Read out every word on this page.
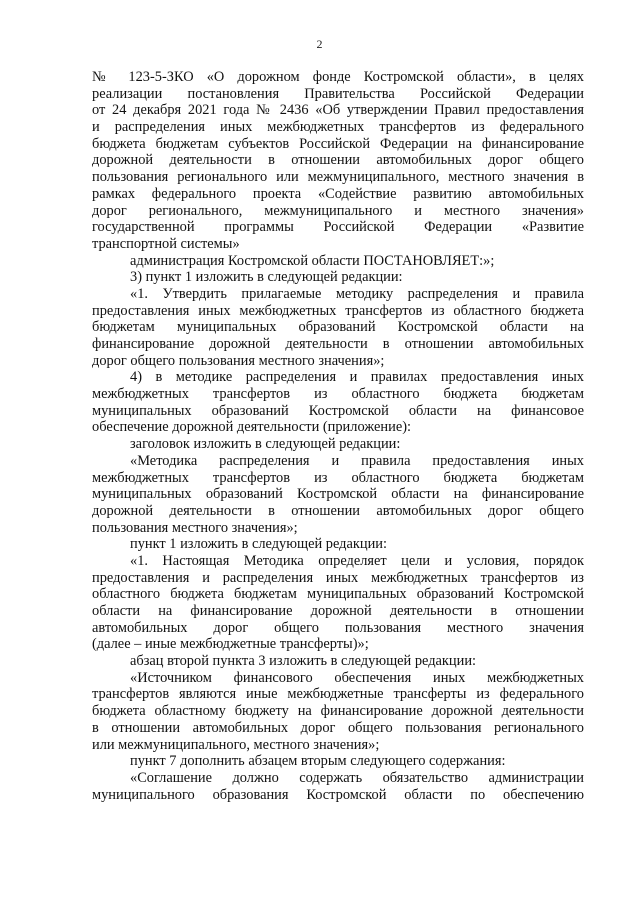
2
№ 123-5-ЗКО «О дорожном фонде Костромской области», в целях
реализации постановления Правительства Российской Федерации
от 24 декабря 2021 года № 2436 «Об утверждении Правил предоставления
и распределения иных межбюджетных трансфертов из федерального
бюджета бюджетам субъектов Российской Федерации на финансирование
дорожной деятельности в отношении автомобильных дорог общего
пользования регионального или межмуниципального, местного значения в
рамках федерального проекта «Содействие развитию автомобильных
дорог регионального, межмуниципального и местного значения»
государственной программы Российской Федерации «Развитие
транспортной системы»
администрация Костромской области ПОСТАНОВЛЯЕТ:»;
3) пункт 1 изложить в следующей редакции:
«1. Утвердить прилагаемые методику распределения и правила
предоставления иных межбюджетных трансфертов из областного бюджета
бюджетам муниципальных образований Костромской области на
финансирование дорожной деятельности в отношении автомобильных
дорог общего пользования местного значения»;
4) в методике распределения и правилах предоставления иных
межбюджетных трансфертов из областного бюджета бюджетам
муниципальных образований Костромской области на финансовое
обеспечение дорожной деятельности (приложение):
заголовок изложить в следующей редакции:
«Методика распределения и правила предоставления иных
межбюджетных трансфертов из областного бюджета бюджетам
муниципальных образований Костромской области на финансирование
дорожной деятельности в отношении автомобильных дорог общего
пользования местного значения»;
пункт 1 изложить в следующей редакции:
«1. Настоящая Методика определяет цели и условия, порядок
предоставления и распределения иных межбюджетных трансфертов из
областного бюджета бюджетам муниципальных образований Костромской
области на финансирование дорожной деятельности в отношении
автомобильных дорог общего пользования местного значения
(далее – иные межбюджетные трансферты)»;
абзац второй пункта 3 изложить в следующей редакции:
«Источником финансового обеспечения иных межбюджетных
трансфертов являются иные межбюджетные трансферты из федерального
бюджета областному бюджету на финансирование дорожной деятельности
в отношении автомобильных дорог общего пользования регионального
или межмуниципального, местного значения»;
пункт 7 дополнить абзацем вторым следующего содержания:
«Соглашение должно содержать обязательство администрации
муниципального образования Костромской области по обеспечению
